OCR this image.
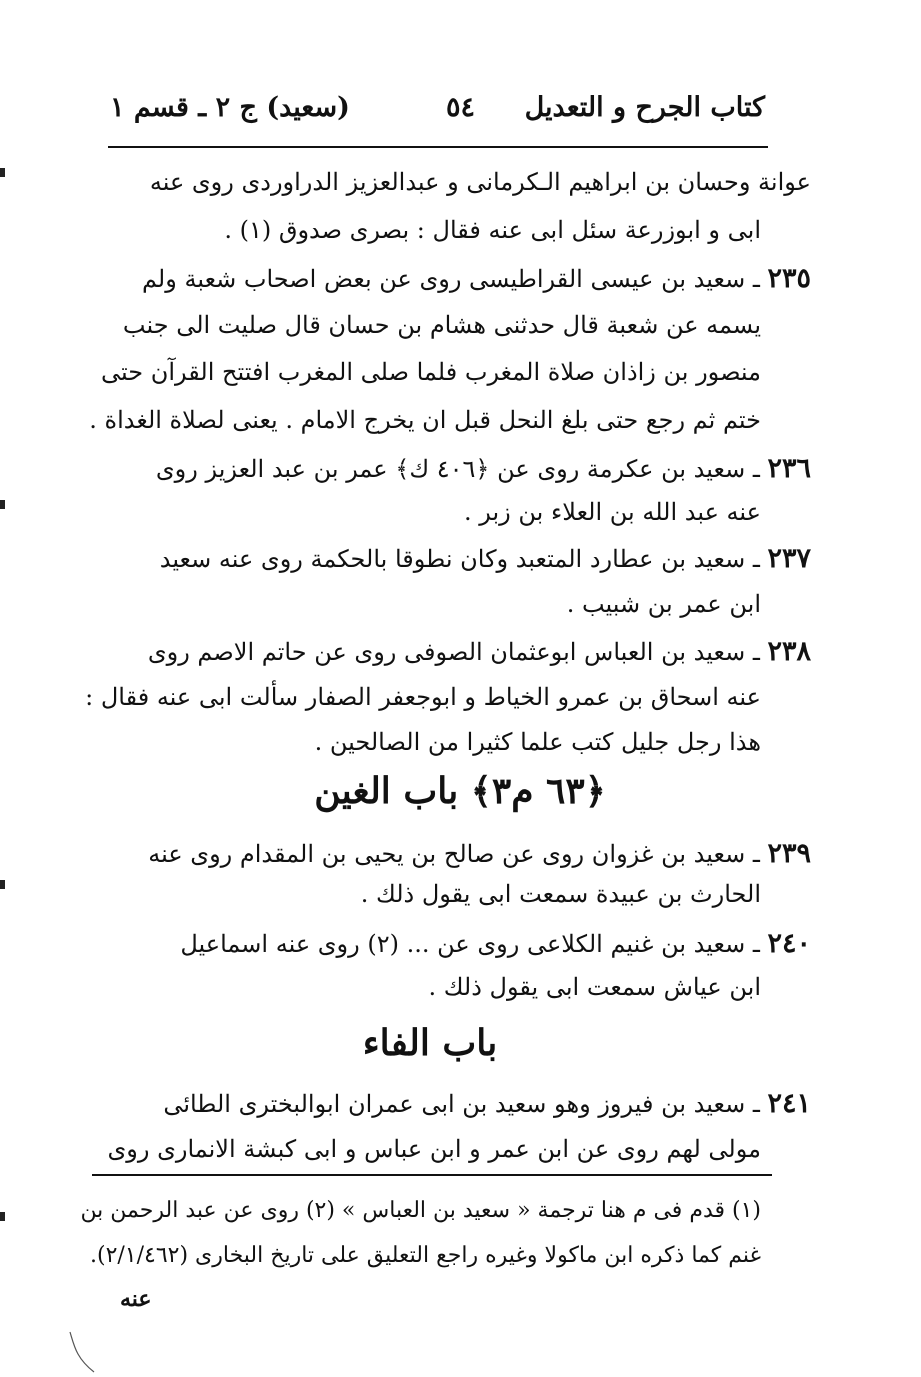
كتاب الجرح و التعديل
٥٤
(سعيد) ج ٢ ـ قسم ١
عوانة وحسان بن ابراهيم الـكرمانى و عبدالعزيز الدراوردى روى عنه
ابى و ابوزرعة سئل ابى عنه فقال : بصرى صدوق (١) .
٢٣٥ ـ سعيد بن عيسى القراطيسى روى عن بعض اصحاب شعبة ولم
يسمه عن شعبة قال حدثنى هشام بن حسان قال صليت الى جنب
منصور بن زاذان صلاة المغرب فلما صلى المغرب افتتح القرآن حتى
ختم ثم رجع حتى بلغ النحل قبل ان يخرج الامام . يعنى لصلاة الغداة .
٢٣٦ ـ سعيد بن عكرمة روى عن ﴿٤٠٦ ك﴾ عمر بن عبد العزيز روى
عنه عبد الله بن العلاء بن زبر .
٢٣٧ ـ سعيد بن عطارد المتعبد وكان نطوقا بالحكمة روى عنه سعيد
ابن عمر بن شبيب .
٢٣٨ ـ سعيد بن العباس ابوعثمان الصوفى روى عن حاتم الاصم روى
عنه اسحاق بن عمرو الخياط و ابوجعفر الصفار سألت ابى عنه فقال :
هذا رجل جليل كتب علما كثيرا من الصالحين .
﴿٦٣ م٣﴾ باب الغين
٢٣٩ ـ سعيد بن غزوان روى عن صالح بن يحيى بن المقدام روى عنه
الحارث بن عبيدة سمعت ابى يقول ذلك .
٢٤٠ ـ سعيد بن غنيم الكلاعى روى عن ... (٢) روى عنه اسماعيل
ابن عياش سمعت ابى يقول ذلك .
باب الفاء
٢٤١ ـ سعيد بن فيروز وهو سعيد بن ابى عمران ابوالبخترى الطائى
مولى لهم روى عن ابن عمر و ابن عباس و ابى كبشة الانمارى روى
(١) قدم فى م هنا ترجمة « سعيد بن العباس » (٢) روى عن عبد الرحمن بن
غنم كما ذكره ابن ماكولا وغيره راجع التعليق على تاريخ البخارى (٢/١/٤٦٢).
عنه
